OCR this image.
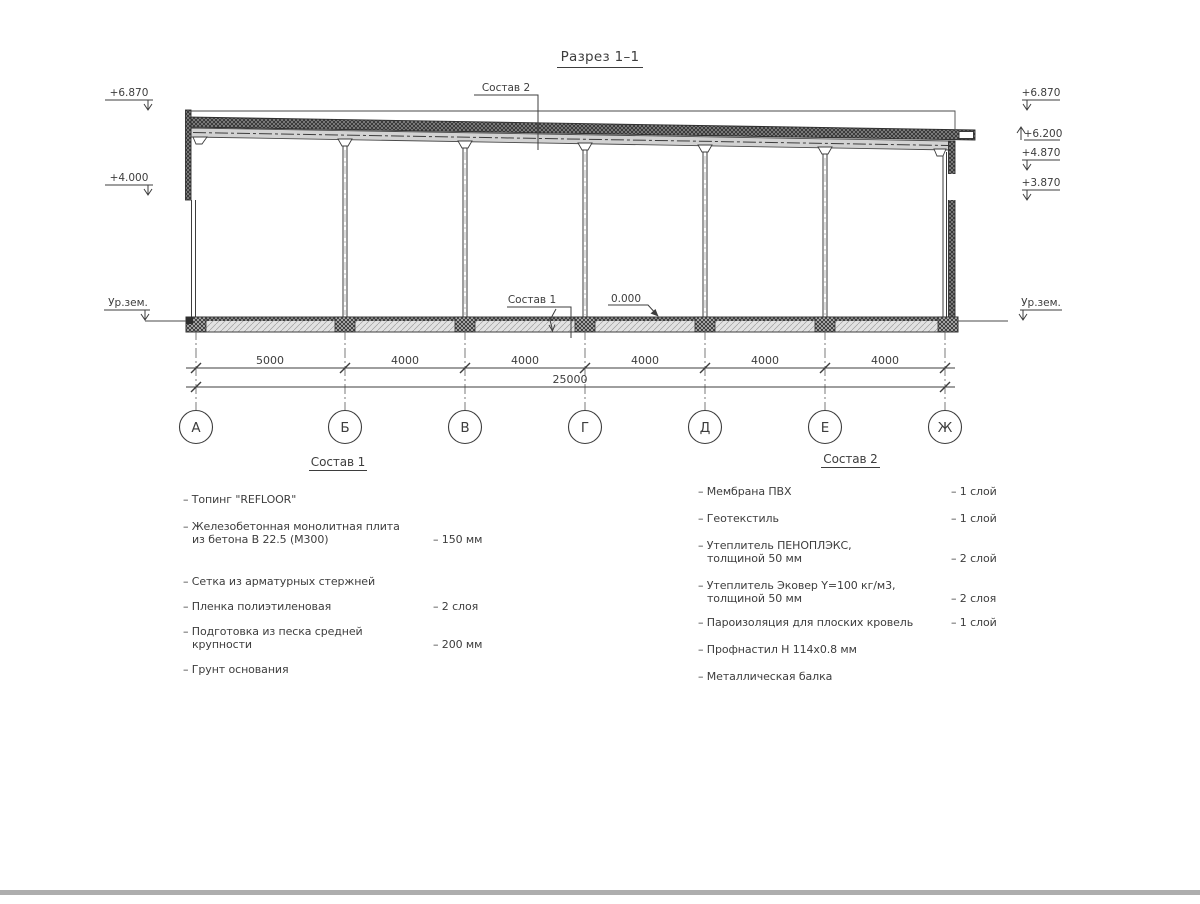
Разрез 1–1
+6.870
+4.000
Ур.зем.
+6.870
+6.200
+4.870
+3.870
Ур.зем.
Состав 2
Состав 1	0.000
5000	4000	4000	4000	4000	4000
25000
А	Б	В	Г	Д	Е	Ж
Состав 1
– Топинг "REFLOOR"
– Железобетонная монолитная плита
из бетона В 22.5 (М300)	– 150 мм
– Сетка из арматурных стержней
– Пленка полиэтиленовая	– 2 слоя
– Подготовка из песка средней
крупности	– 200 мм
– Грунт основания
Состав 2
– Мембрана ПВХ	– 1 слой
– Геотекстиль	– 1 слой
– Утеплитель ПЕНОПЛЭКС,
толщиной 50 мм	– 2 слой
– Утеплитель Эковер Y=100 кг/м3,
толщиной 50 мм	– 2 слоя
– Пароизоляция для плоских кровель	– 1 слой
– Профнастил Н 114х0.8 мм
– Металлическая балка
